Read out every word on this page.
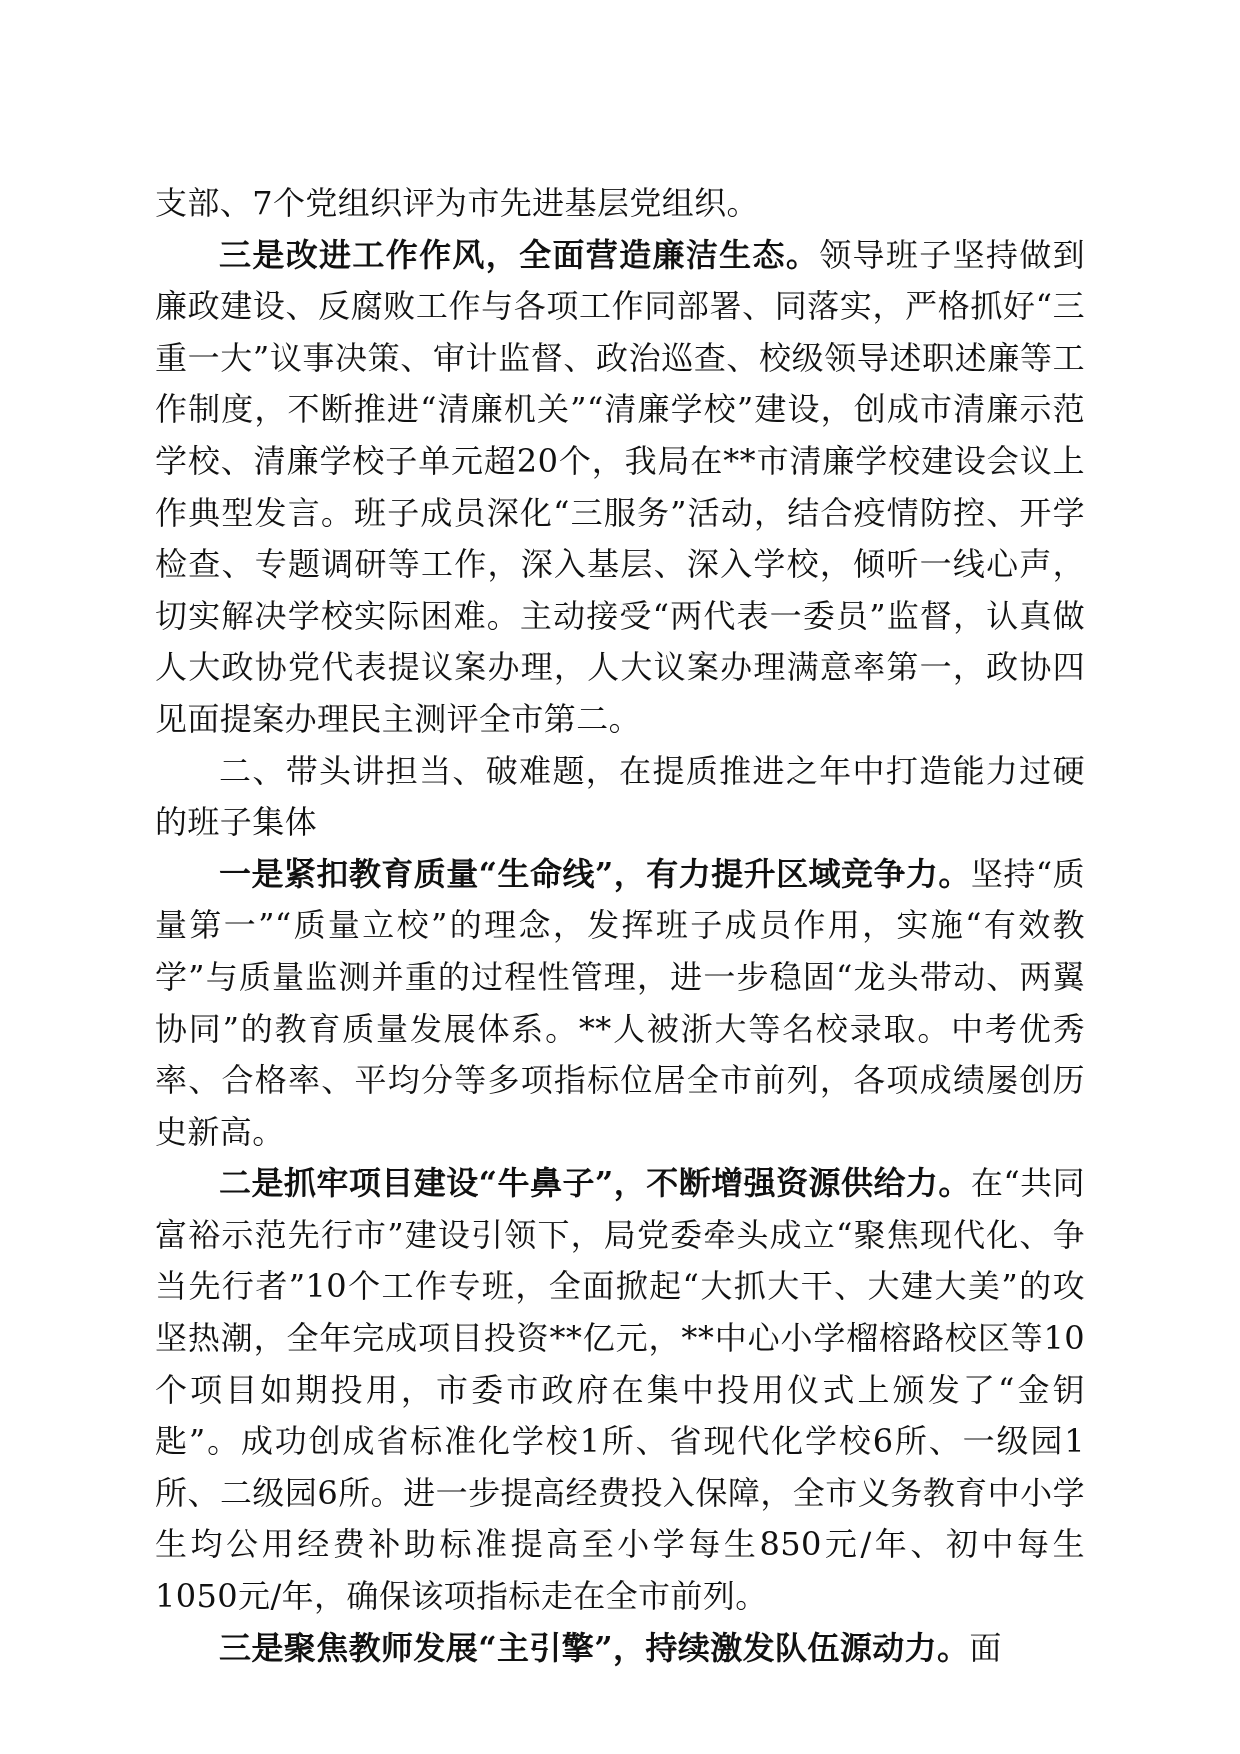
支部、7个党组织评为市先进基层党组织。

三是改进工作作风，全面营造廉洁生态。领导班子坚持做到廉政建设、反腐败工作与各项工作同部署、同落实，严格抓好“三重一大”议事决策、审计监督、政治巡查、校级领导述职述廉等工作制度，不断推进“清廉机关”“清廉学校”建设，创成市清廉示范学校、清廉学校子单元超20个，我局在**市清廉学校建设会议上作典型发言。班子成员深化“三服务”活动，结合疫情防控、开学检查、专题调研等工作，深入基层、深入学校，倾听一线心声，切实解决学校实际困难。主动接受“两代表一委员”监督，认真做人大政协党代表提议案办理，人大议案办理满意率第一，政协四见面提案办理民主测评全市第二。

二、带头讲担当、破难题，在提质推进之年中打造能力过硬的班子集体

一是紧扣教育质量“生命线”，有力提升区域竞争力。坚持“质量第一”“质量立校”的理念，发挥班子成员作用，实施“有效教学”与质量监测并重的过程性管理，进一步稳固“龙头带动、两翼协同”的教育质量发展体系。**人被浙大等名校录取。中考优秀率、合格率、平均分等多项指标位居全市前列，各项成绩屡创历史新高。

二是抓牢项目建设“牛鼻子”，不断增强资源供给力。在“共同富裕示范先行市”建设引领下，局党委牵头成立“聚焦现代化、争当先行者”10个工作专班，全面掀起“大抓大干、大建大美”的攻坚热潮，全年完成项目投资**亿元，**中心小学榴榕路校区等10个项目如期投用，市委市政府在集中投用仪式上颁发了“金钥匙”。成功创成省标准化学校1所、省现代化学校6所、一级园1所、二级园6所。进一步提高经费投入保障，全市义务教育中小学生均公用经费补助标准提高至小学每生850元/年、初中每生1050元/年，确保该项指标走在全市前列。

三是聚焦教师发展“主引擎”，持续激发队伍源动力。面
